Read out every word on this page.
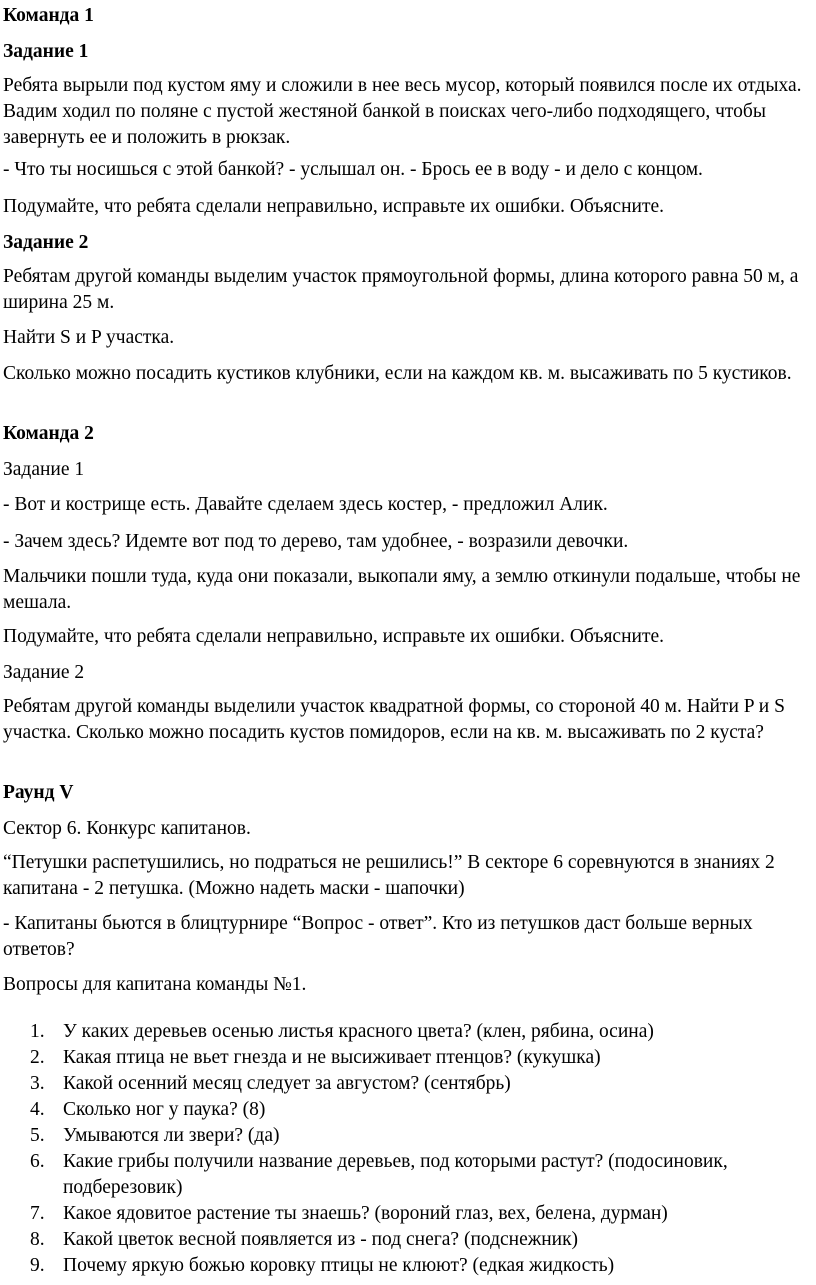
Команда 1

Задание 1

Ребята вырыли под кустом яму и сложили в нее весь мусор, который появился после их отдыха. Вадим ходил по поляне с пустой жестяной банкой в поисках чего-либо подходящего, чтобы завернуть ее и положить в рюкзак.

- Что ты носишься с этой банкой? - услышал он. - Брось ее в воду - и дело с концом.

Подумайте, что ребята сделали неправильно, исправьте их ошибки. Объясните.

Задание 2

Ребятам другой команды выделим участок прямоугольной формы, длина которого равна 50 м, а ширина 25 м.

Найти S и P участка.

Сколько можно посадить кустиков клубники, если на каждом кв. м. высаживать по 5 кустиков.

Команда 2

Задание 1

- Вот и кострище есть. Давайте сделаем здесь костер, - предложил Алик.

- Зачем здесь? Идемте вот под то дерево, там удобнее, - возразили девочки.

Мальчики пошли туда, куда они показали, выкопали яму, а землю откинули подальше, чтобы не мешала.

Подумайте, что ребята сделали неправильно, исправьте их ошибки. Объясните.

Задание 2

Ребятам другой команды выделили участок квадратной формы, со стороной 40 м. Найти P и S участка. Сколько можно посадить кустов помидоров, если на кв. м. высаживать по 2 куста?

Раунд V

Сектор 6. Конкурс капитанов.

“Петушки распетушились, но подраться не решились!” В секторе 6 соревнуются в знаниях 2 капитана - 2 петушка. (Можно надеть маски - шапочки)

- Капитаны бьются в блицтурнире “Вопрос - ответ”. Кто из петушков даст больше верных ответов?

Вопросы для капитана команды №1.

1. У каких деревьев осенью листья красного цвета? (клен, рябина, осина)
2. Какая птица не вьет гнезда и не высиживает птенцов? (кукушка)
3. Какой осенний месяц следует за августом? (сентябрь)
4. Сколько ног у паука? (8)
5. Умываются ли звери? (да)
6. Какие грибы получили название деревьев, под которыми растут? (подосиновик, подберезовик)
7. Какое ядовитое растение ты знаешь? (вороний глаз, вех, белена, дурман)
8. Какой цветок весной появляется из - под снега? (подснежник)
9. Почему яркую божью коровку птицы не клюют? (едкая жидкость)
